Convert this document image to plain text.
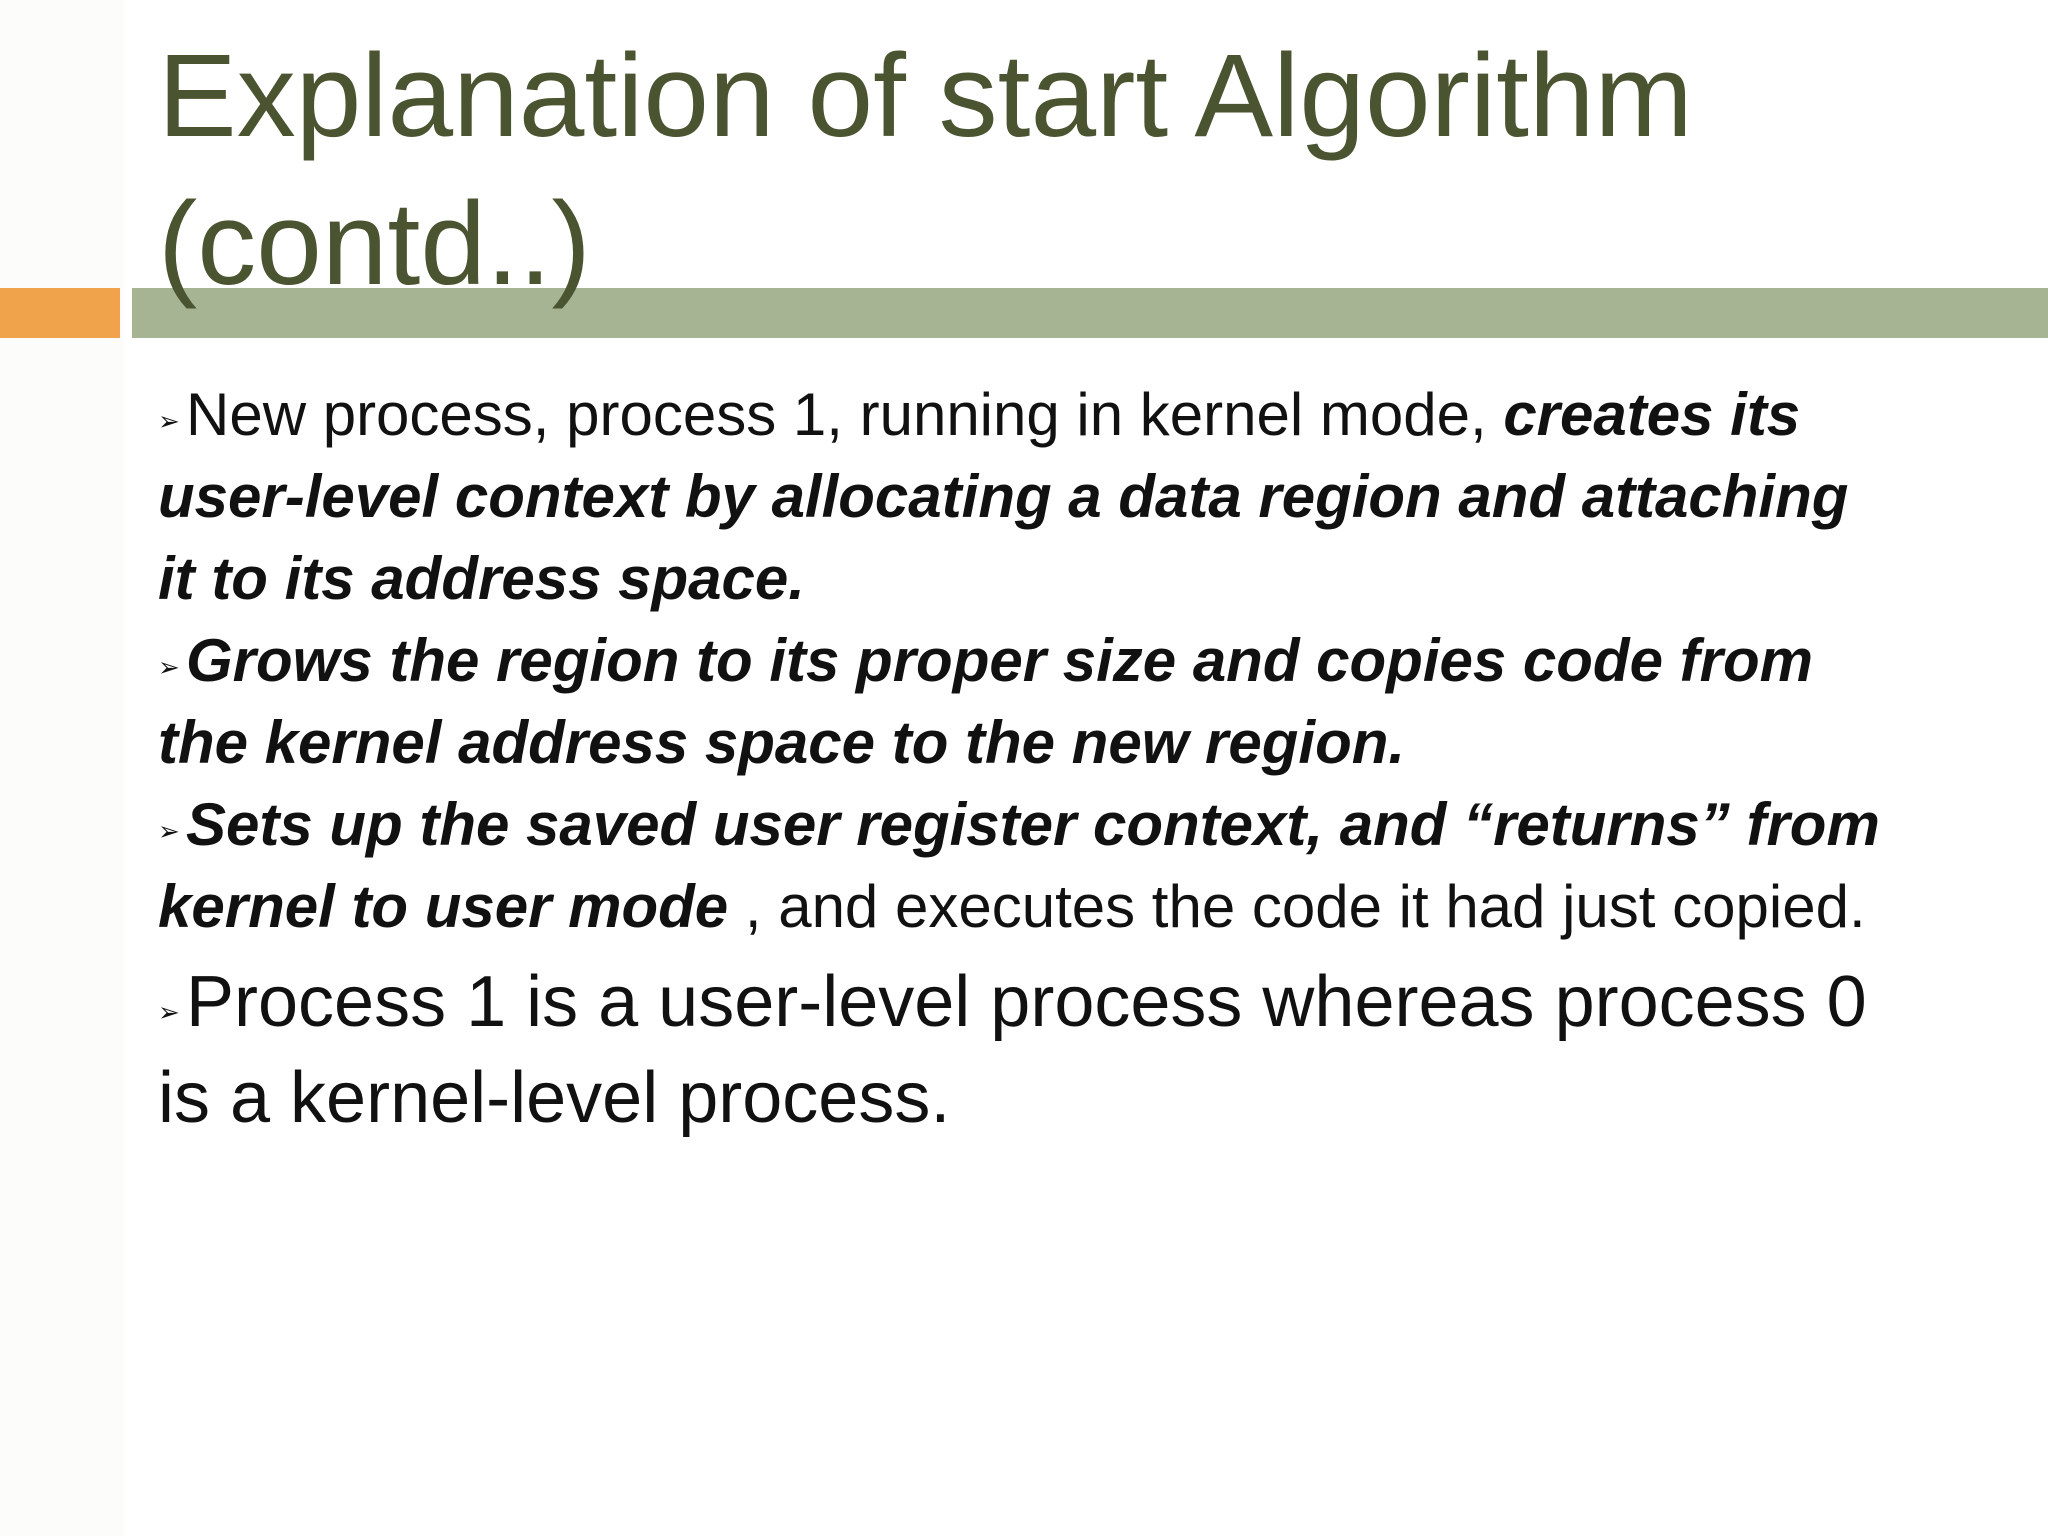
Explanation of start Algorithm (contd..)

➢ New process, process 1, running in kernel mode, creates its user-level context by allocating a data region and attaching it to its address space.

➢ Grows the region to its proper size and copies code from the kernel address space to the new region.

➢ Sets up the saved user register context, and “returns” from kernel to user mode , and executes the code it had just copied.

➢Process 1 is a user-level process whereas process 0 is a kernel-level process.
